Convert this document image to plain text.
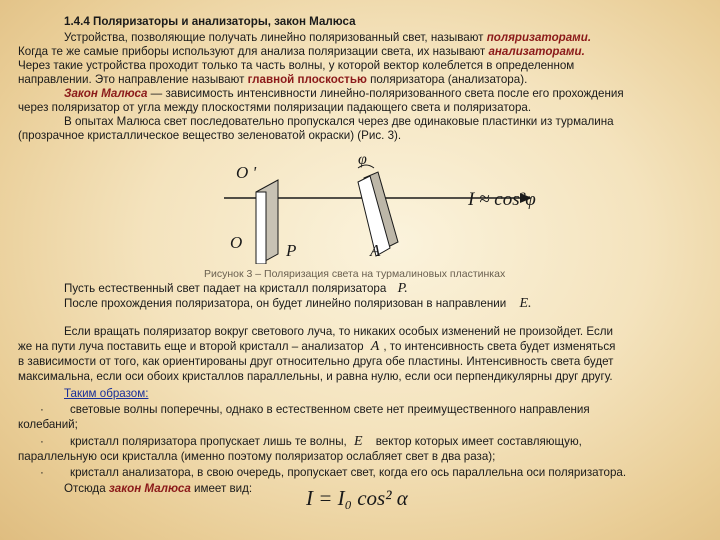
1.4.4 Поляризаторы и анализаторы, закон Малюса
Устройства, позволяющие получать линейно поляризованный свет, называют поляризаторами.
Когда те же самые приборы используют для анализа поляризации света, их называют анализаторами.
Через такие устройства проходит только та часть волны, у которой вектор колеблется в определенном
направлении. Это направление называют главной плоскостью поляризатора (анализатора).
Закон Малюса — зависимость интенсивности линейно-поляризованного света после его прохождения
через поляризатор от угла между плоскостями поляризации падающего света и поляризатора.
В опытах Малюса свет последовательно пропускался через две одинаковые пластинки из турмалина
(прозрачное кристаллическое вещество зеленоватой окраски) (Рис. 3).
O '
O	P	A
φ
I ≈ cos²φ
Рисунок 3 – Поляризация света на турмалиновых пластинках
Пусть естественный свет падает на кристалл поляризатора P.
После прохождения поляризатора, он будет линейно поляризован в направлении E.
Если вращать поляризатор вокруг светового луча, то никаких особых изменений не произойдет. Если
же на пути луча поставить еще и второй кристалл – анализатор A , то интенсивность света будет изменяться
в зависимости от того, как ориентированы друг относительно друга обе пластины. Интенсивность света будет
максимальна, если оси обоих кристаллов параллельны, и равна нулю, если оси перпендикулярны друг другу.
Таким образом:
· световые волны поперечны, однако в естественном свете нет преимущественного направления
колебаний;
· кристалл поляризатора пропускает лишь те волны, E вектор которых имеет составляющую,
параллельную оси кристалла (именно поэтому поляризатор ослабляет свет в два раза);
· кристалл анализатора, в свою очередь, пропускает свет, когда его ось параллельна оси поляризатора.
Отсюда закон Малюса имеет вид:	I = I₀ cos² α
